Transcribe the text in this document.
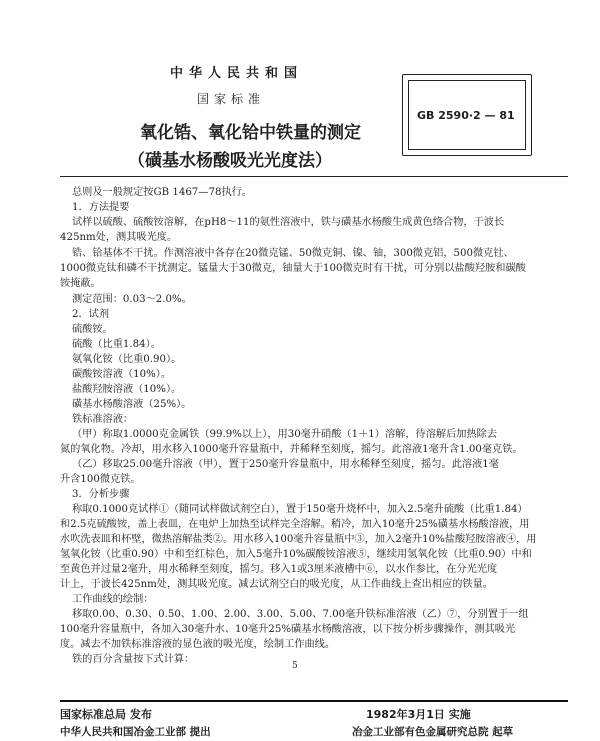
中华人民共和国
国家标准
氧化锆、氧化铪中铁量的测定
（磺基水杨酸吸光光度法）
GB 2590·2 — 81
总则及一般规定按GB 1467—78执行。
1．方法提要
试样以硫酸、硫酸铵溶解，在pH8～11的氨性溶液中，铁与磺基水杨酸生成黄色络合物，于波长
425nm处，测其吸光度。
锆、铪基体不干扰。作测溶液中各存在20微克锰、50微克铜、镍、铀，300微克铝，500微克钍、
1000微克钛和磷不干扰测定。锰量大于30微克，铀量大于100微克时有干扰，可分别以盐酸羟胺和碳酸
铵掩蔽。
测定范围：0.03～2.0%。
2．试剂
硫酸铵。
硫酸（比重1.84）。
氨氧化铵（比重0.90）。
碳酸铵溶液（10%）。
盐酸羟胺溶液（10%）。
磺基水杨酸溶液（25%）。
铁标准溶液：
（甲）称取1.0000克金属铁（99.9%以上），用30毫升硝酸（1＋1）溶解，待溶解后加热除去
氮的氧化物。冷却，用水移入1000毫升容量瓶中，并稀释至刻度，摇匀。此溶液1毫升含1.00毫克铁。
（乙）移取25.00毫升溶液（甲），置于250毫升容量瓶中，用水稀释至刻度，摇匀。此溶液1毫
升含100微克铁。
3．分析步骤
称取0.1000克试样①（随同试样做试剂空白），置于150毫升烧杯中，加入2.5毫升硫酸（比重1.84）
和2.5克硫酸铵，盖上表皿，在电炉上加热至试样完全溶解。稍冷，加入10毫升25%磺基水杨酸溶液，用
水吹洗表皿和杯壁，微热溶解盐类②。用水移入100毫升容量瓶中③，加入2毫升10%盐酸羟胺溶液④，用
氢氧化铵（比重0.90）中和至红棕色，加入5毫升10%碳酸铵溶液⑤，继续用氢氧化铵（比重0.90）中和
至黄色并过量2毫升，用水稀释至刻度，摇匀。移入1或3厘米液槽中⑥，以水作参比，在分光光度
计上，于波长425nm处，测其吸光度。减去试剂空白的吸光度，从工作曲线上查出相应的铁量。
工作曲线的绘制：
移取0.00、0.30、0.50、1.00、2.00、3.00、5.00、7.00毫升铁标准溶液（乙）⑦，分别置于一组
100毫升容量瓶中，各加入30毫升水、10毫升25%磺基水杨酸溶液，以下按分析步骤操作，测其吸光
度。减去不加铁标准溶液的显色液的吸光度，绘制工作曲线。
铁的百分含量按下式计算：
5
国家标准总局 发布	1982年3月1日 实施
中华人民共和国冶金工业部 提出	冶金工业部有色金属研究总院 起草
